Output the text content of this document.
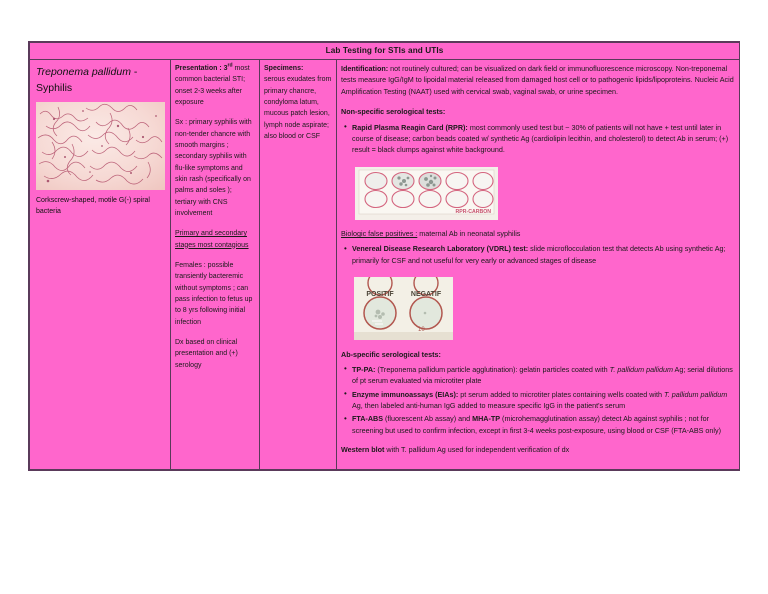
Lab Testing for STIs and UTIs

Treponema pallidum -
Syphilis
Corkscrew-shaped, motile G(-) spiral bacteria

Presentation : 3rd most common bacterial STI; onset 2-3 weeks after exposure

Sx : primary syphilis with non-tender chancre with smooth margins ; secondary syphilis with flu-like symptoms and skin rash (specifically on palms and soles ); tertiary with CNS involvement

Primary and secondary stages most contagious

Females : possible transiently bacteremic without symptoms ; can pass infection to fetus up to 8 yrs following initial infection

Dx based on clinical presentation and (+) serology

Specimens:
serous exudates from primary chancre, condyloma latum, mucous patch lesion, lymph node aspirate; also blood or CSF

Identification: not routinely cultured; can be visualized on dark field or immunofluorescence microscopy. Non-treponemal tests measure IgG/IgM to lipoidal material released from damaged host cell or to pathogenic lipids/lipoproteins. Nucleic Acid Amplification Testing (NAAT) used with cervical swab, vaginal swab, or urine specimen.

Non-specific serological tests:

• Rapid Plasma Reagin Card (RPR): most commonly used test but ~ 30% of patients will not have + test until later in course of disease; carbon beads coated w/ synthetic Ag (cardiolipin lecithin, and cholesterol) to detect Ab in serum; (+) result = black clumps against white background.
RPR-CARBON

Biologic false positives : maternal Ab in neonatal syphilis

• Venereal Disease Research Laboratory (VDRL) test: slide microflocculation test that detects Ab using synthetic Ag; primarily for CSF and not useful for very early or advanced stages of disease
POSITIF NEGATIF
10

Ab-specific serological tests:

• TP-PA: (Treponema pallidum particle agglutination): gelatin particles coated with T. pallidum pallidum Ag; serial dilutions of pt serum evaluated via microtiter plate
• Enzyme immunoassays (EIAs): pt serum added to microtiter plates containing wells coated with T. pallidum pallidum Ag, then labeled anti-human IgG added to measure specific IgG in the patient's serum
• FTA-ABS (fluorescent Ab assay) and MHA-TP (microhemagglutination assay) detect Ab against syphilis ; not for screening but used to confirm infection, except in first 3-4 weeks post-exposure, using blood or CSF (FTA-ABS only)

Western blot with T. pallidum Ag used for independent verification of dx
